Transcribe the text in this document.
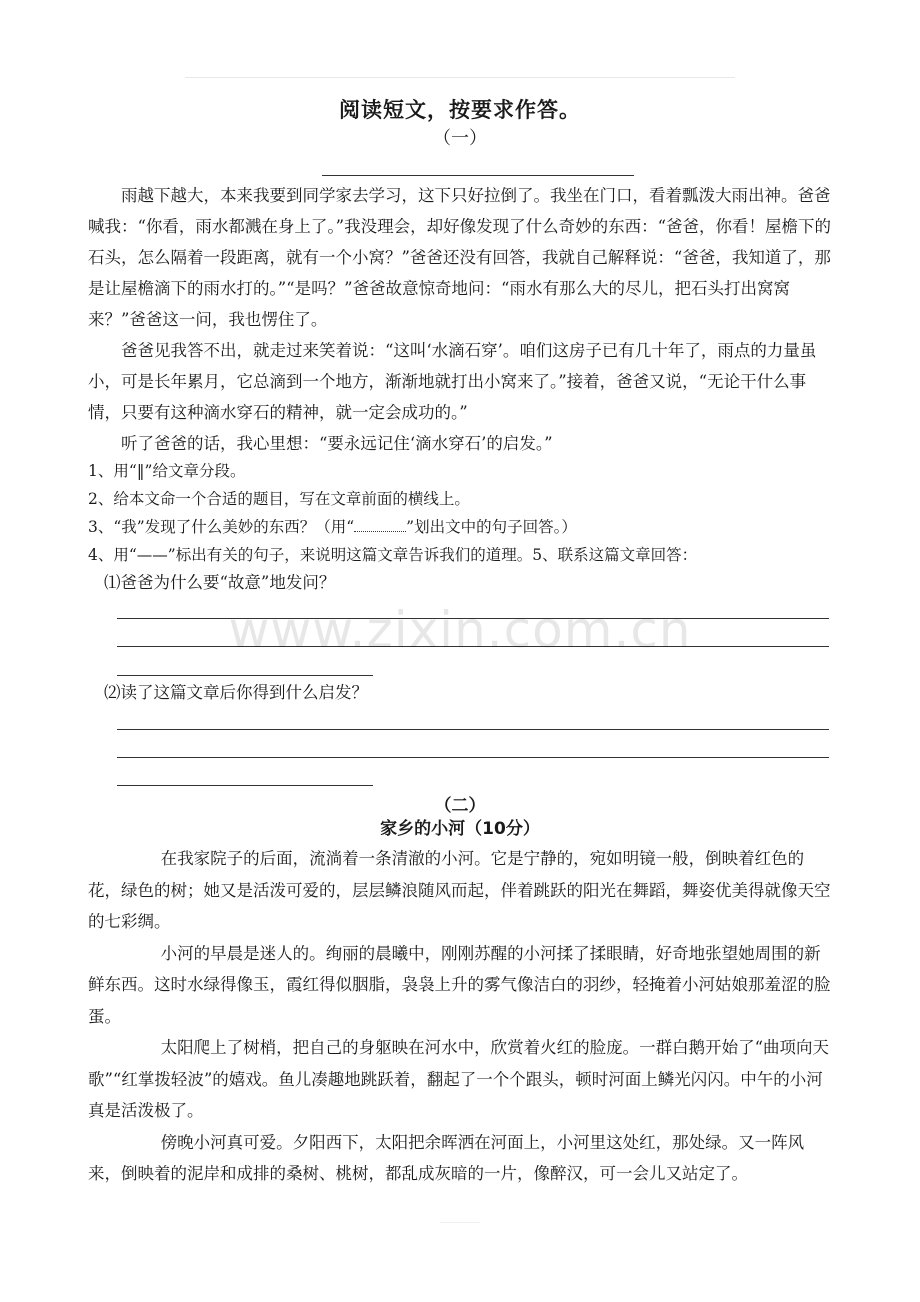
阅读短文，按要求作答。
（一）

雨越下越大，本来我要到同学家去学习，这下只好拉倒了。我坐在门口，看着瓢泼大雨出神。爸爸喊我：“你看，雨水都溅在身上了。”我没理会，却好像发现了什么奇妙的东西：“爸爸，你看！屋檐下的石头，怎么隔着一段距离，就有一个小窝？”爸爸还没有回答，我就自己解释说：“爸爸，我知道了，那是让屋檐滴下的雨水打的。”“是吗？”爸爸故意惊奇地问：“雨水有那么大的尽儿，把石头打出窝窝来？”爸爸这一问，我也愣住了。

爸爸见我答不出，就走过来笑着说：“这叫‘水滴石穿’。咱们这房子已有几十年了，雨点的力量虽小，可是长年累月，它总滴到一个地方，渐渐地就打出小窝来了。”接着，爸爸又说，“无论干什么事情，只要有这种滴水穿石的精神，就一定会成功的。”

听了爸爸的话，我心里想：“要永远记住‘滴水穿石’的启发。”

1、用“‖”给文章分段。
2、给本文命一个合适的题目，写在文章前面的横线上。
3、“我”发现了什么美妙的东西？（用“	”划出文中的句子回答。）
4、用“——”标出有关的句子，来说明这篇文章告诉我们的道理。5、联系这篇文章回答：
⑴爸爸为什么要“故意”地发问？
www.zixin.com.cn
⑵读了这篇文章后你得到什么启发？
（二）
家乡的小河（10分）

在我家院子的后面，流淌着一条清澈的小河。它是宁静的，宛如明镜一般，倒映着红色的花，绿色的树；她又是活泼可爱的，层层鳞浪随风而起，伴着跳跃的阳光在舞蹈，舞姿优美得就像天空的七彩绸。

小河的早晨是迷人的。绚丽的晨曦中，刚刚苏醒的小河揉了揉眼睛，好奇地张望她周围的新鲜东西。这时水绿得像玉，霞红得似胭脂，袅袅上升的雾气像洁白的羽纱，轻掩着小河姑娘那羞涩的脸蛋。

太阳爬上了树梢，把自己的身躯映在河水中，欣赏着火红的脸庞。一群白鹅开始了“曲项向天歌”“红掌拨轻波”的嬉戏。鱼儿凑趣地跳跃着，翻起了一个个跟头，顿时河面上鳞光闪闪。中午的小河真是活泼极了。

傍晚小河真可爱。夕阳西下，太阳把余晖洒在河面上，小河里这处红，那处绿。又一阵风来，倒映着的泥岸和成排的桑树、桃树，都乱成灰暗的一片，像醉汉，可一会儿又站定了。
